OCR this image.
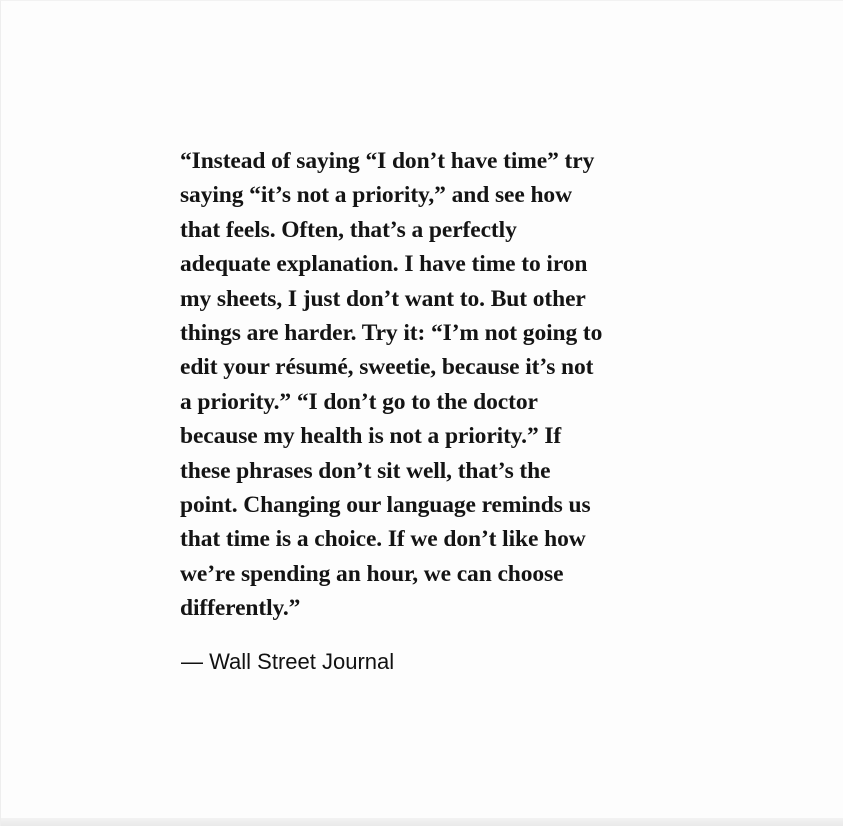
“Instead of saying “I don’t have time” try
saying “it’s not a priority,” and see how
that feels. Often, that’s a perfectly
adequate explanation. I have time to iron
my sheets, I just don’t want to. But other
things are harder. Try it: “I’m not going to
edit your résumé, sweetie, because it’s not
a priority.” “I don’t go to the doctor
because my health is not a priority.” If
these phrases don’t sit well, that’s the
point. Changing our language reminds us
that time is a choice. If we don’t like how
we’re spending an hour, we can choose
differently.”
— Wall Street Journal
